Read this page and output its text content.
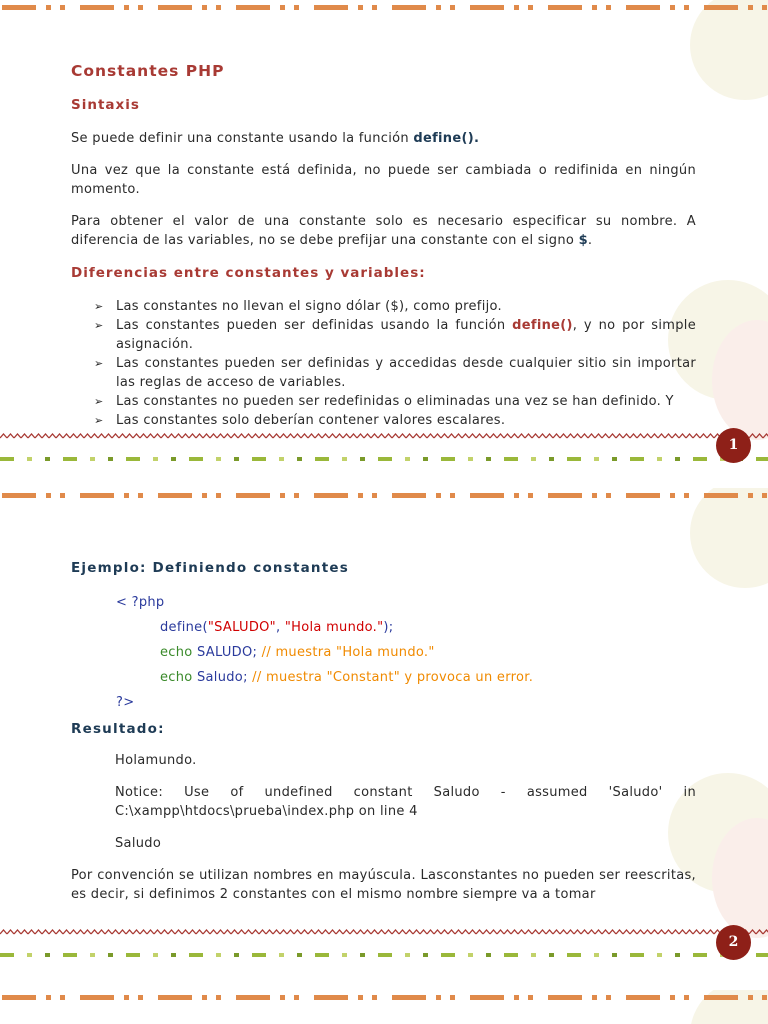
Constantes PHP
Sintaxis
Se puede definir una constante usando la función define().
Una vez que la constante está definida, no puede ser cambiada o redifinida en ningún momento.
Para obtener el valor de una constante solo es necesario especificar su nombre. A diferencia de las variables, no se debe prefijar una constante con el signo $.
Diferencias entre constantes y variables:
➢ Las constantes no llevan el signo dólar ($), como prefijo.
➢ Las constantes pueden ser definidas usando la función define(), y no por simple asignación.
➢ Las constantes pueden ser definidas y accedidas desde cualquier sitio sin importar las reglas de acceso de variables.
➢ Las constantes no pueden ser redefinidas o eliminadas una vez se han definido. Y
➢ Las constantes solo deberían contener valores escalares.
1
Ejemplo: Definiendo constantes
< ?php
define("SALUDO", "Hola mundo.");
echo SALUDO; // muestra "Hola mundo."
echo Saludo; // muestra "Constant" y provoca un error.
?>
Resultado:
Holamundo.
Notice: Use of undefined constant Saludo - assumed 'Saludo' in C:\xampp\htdocs\prueba\index.php on line 4
Saludo
Por convención se utilizan nombres en mayúscula. Lasconstantes no pueden ser reescritas, es decir, si definimos 2 constantes con el mismo nombre siempre va a tomar
2
